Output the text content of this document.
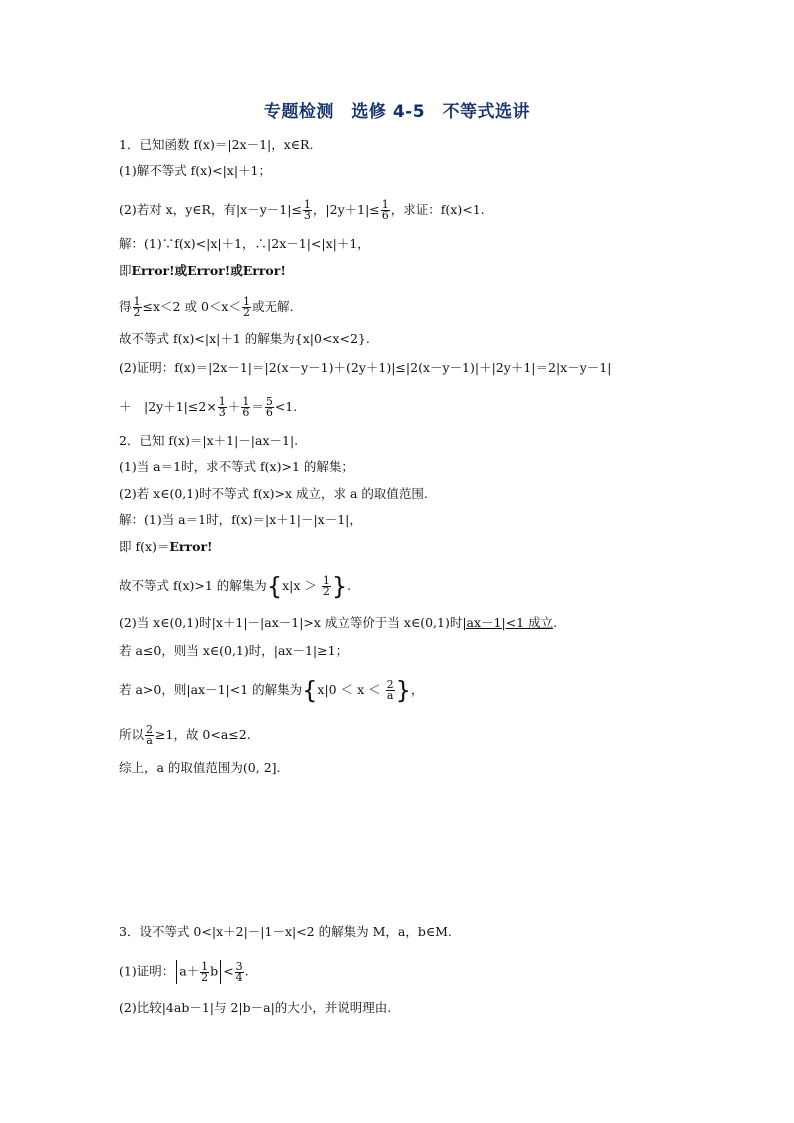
专题检测　选修 4-5　不等式选讲
1．已知函数 f(x)＝|2x－1|，x∈R.
(1)解不等式 f(x)<|x|＋1；
(2)若对 x，y∈R，有$|x-y-1|\le \frac{1}{3}$ ，$|2y+1|\le \frac{1}{6}$ ，求证：f(x)<1.
解：(1)∵f(x)<|x|＋1，∴|2x－1|<|x|＋1，
即Error!或Error!或Error!
得 $\frac{1}{2} \le x<2$ 或 $0<x< \frac{1}{2}$ 或无解.
故不等式 f(x)<|x|＋1 的解集为{x|0<x<2}.
(2)证明：f(x)＝|2x－1|＝|2(x－y－1)＋(2y＋1)|≤|2(x－y－1)|＋|2y＋1|＝2|x－y－1|
＋　$|2y+1|\le 2\times \frac{1}{3} + \frac{1}{6} = \frac{5}{6} <1$.
2．已知 f(x)＝|x＋1|－|ax－1|.
(1)当 a＝1时，求不等式 f(x)>1 的解集；
(2)若 x∈(0,1)时不等式 f(x)>x 成立，求 a 的取值范围.
解：(1)当 a＝1时，f(x)＝|x＋1|－|x－1|，
即 f(x)＝Error!
故不等式 f(x)>1 的解集为{$x|x > \frac{1}{2}$ }.
(2)当 x∈(0,1)时|x＋1|－|ax－1|>x 成立等价于当 x∈(0,1)时|ax－1|<1 成立.
若 a≤0，则当 x∈(0,1)时，|ax－1|≥1；
若 a>0，则|ax－1|<1 的解集为{$x|0 < x < \frac{2}{a}$ }，
所以 $\frac{2}{a} \ge 1$，故 0<a≤2.
综上，a 的取值范围为(0, 2].
3．设不等式 0<|x＋2|－|1－x|<2 的解集为 M，a，b∈M.
(1)证明： $a+ \frac{1}{2}$ $b < \frac{3}{4}$ .
(2)比较|4ab－1|与 2|b－a|的大小，并说明理由.
